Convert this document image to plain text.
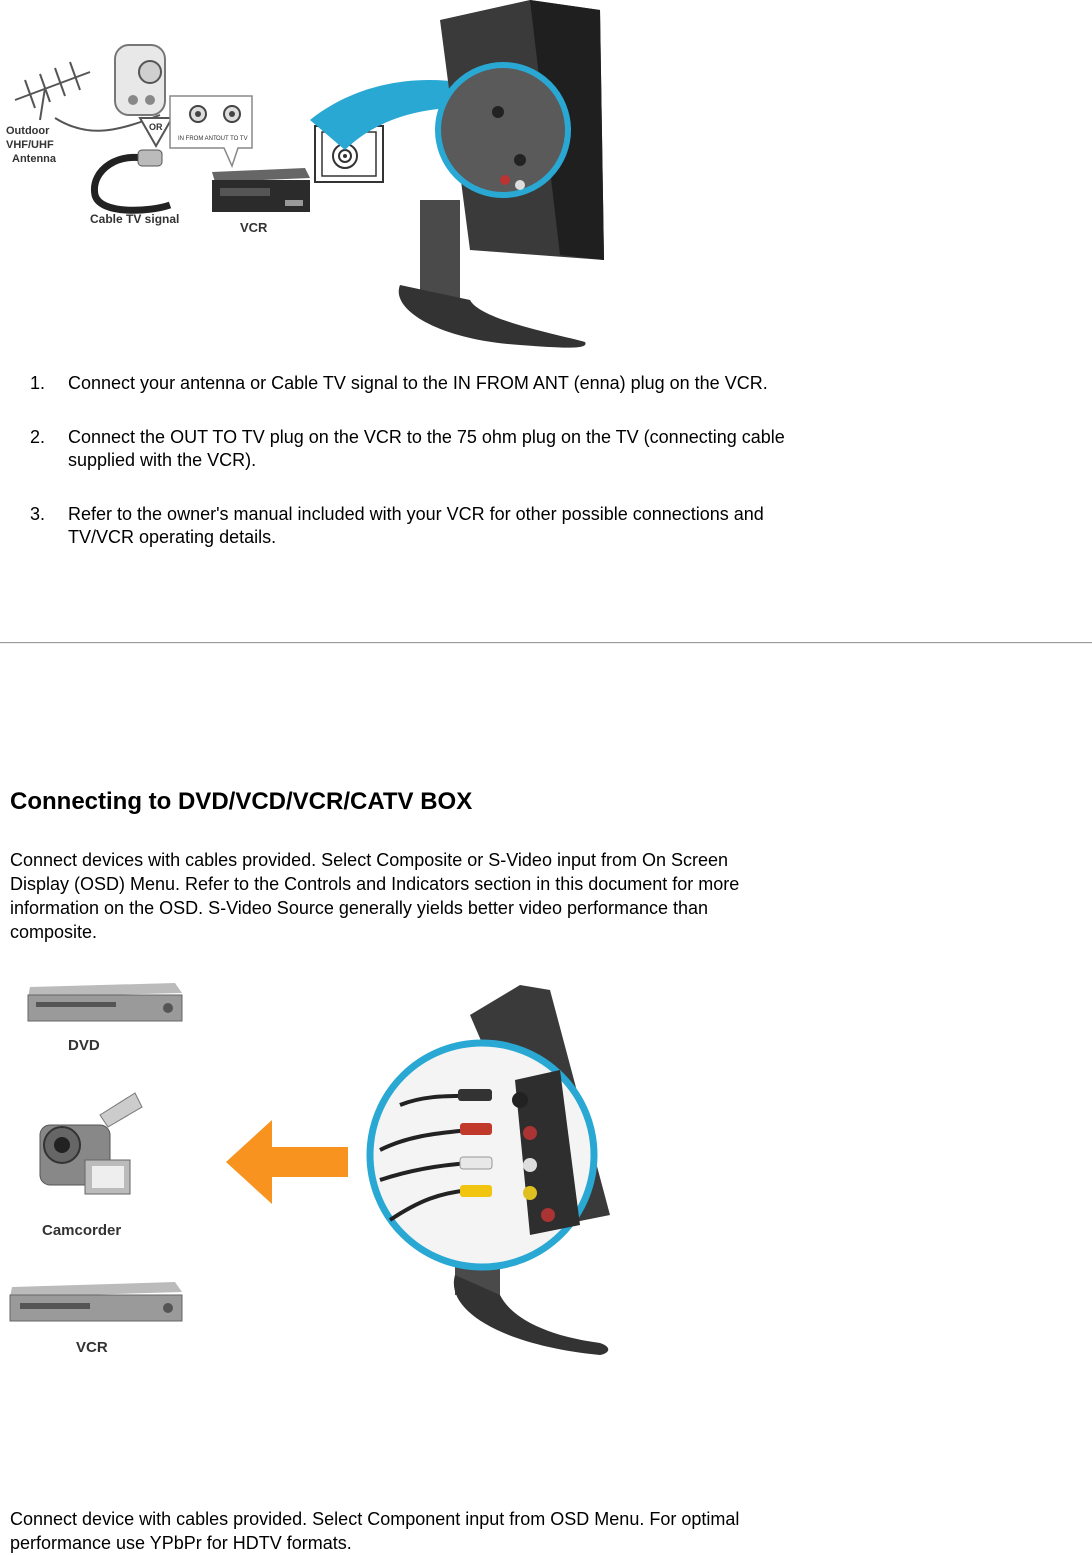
Outdoor
VHF/UHF
Antenna
OR
Cable TV signal
IN FROM ANT OUT TO TV
VCR
1. Connect your antenna or Cable TV signal to the IN FROM ANT (enna) plug on the VCR.
2. Connect the OUT TO TV plug on the VCR to the 75 ohm plug on the TV (connecting cable supplied with the VCR).
3. Refer to the owner's manual included with your VCR for other possible connections and TV/VCR operating details.
Connecting to DVD/VCD/VCR/CATV BOX

Connect devices with cables provided. Select Composite or S-Video input from On Screen Display (OSD) Menu. Refer to the Controls and Indicators section in this document for more information on the OSD. S-Video Source generally yields better video performance than composite.

DVD
Camcorder
VCR

Connect device with cables provided. Select Component input from OSD Menu. For optimal performance use YPbPr for HDTV formats.
